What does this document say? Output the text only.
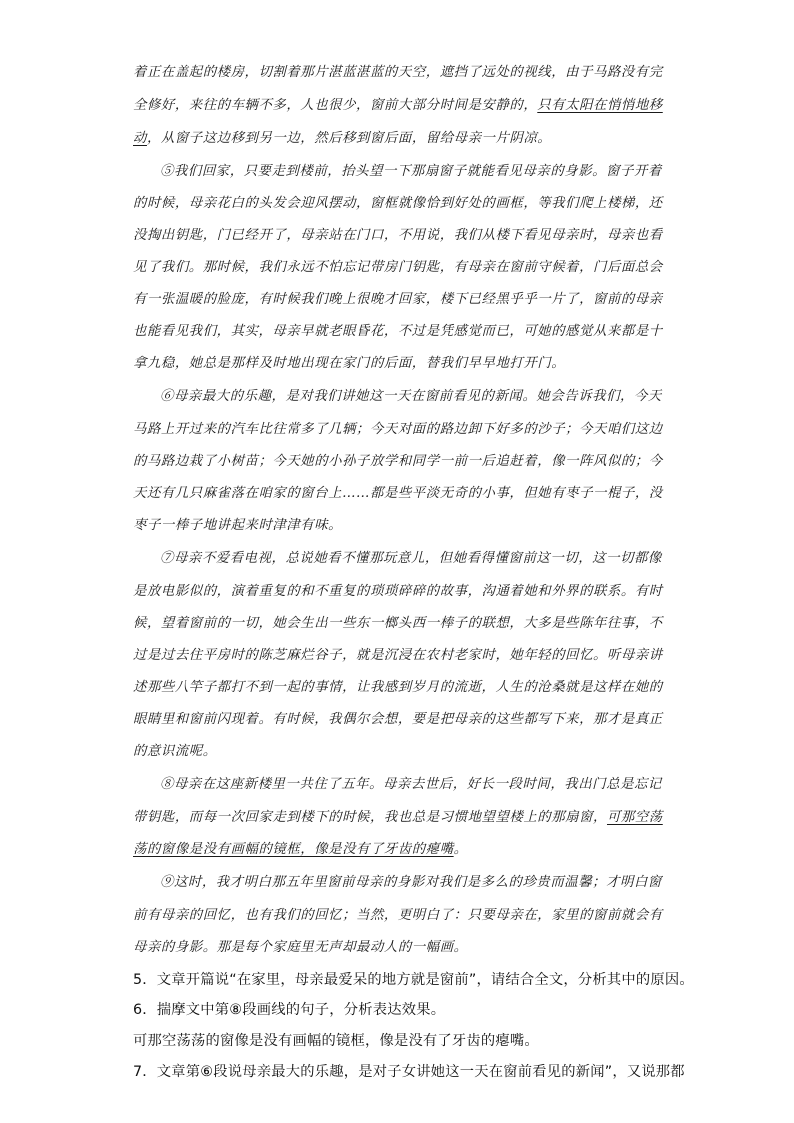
着正在盖起的楼房，切割着那片湛蓝湛蓝的天空，遮挡了远处的视线，由于马路没有完
全修好，来往的车辆不多，人也很少，窗前大部分时间是安静的，只有太阳在悄悄地移
动，从窗子这边移到另一边，然后移到窗后面，留给母亲一片阴凉。
⑤我们回家，只要走到楼前，抬头望一下那扇窗子就能看见母亲的身影。窗子开着
的时候，母亲花白的头发会迎风摆动，窗框就像恰到好处的画框，等我们爬上楼梯，还
没掏出钥匙，门已经开了，母亲站在门口，不用说，我们从楼下看见母亲时，母亲也看
见了我们。那时候，我们永远不怕忘记带房门钥匙，有母亲在窗前守候着，门后面总会
有一张温暖的脸庞，有时候我们晚上很晚才回家，楼下已经黑乎乎一片了，窗前的母亲
也能看见我们，其实，母亲早就老眼昏花，不过是凭感觉而已，可她的感觉从来都是十
拿九稳，她总是那样及时地出现在家门的后面，替我们早早地打开门。
⑥母亲最大的乐趣，是对我们讲她这一天在窗前看见的新闻。她会告诉我们，今天
马路上开过来的汽车比往常多了几辆；今天对面的路边卸下好多的沙子；今天咱们这边
的马路边栽了小树苗；今天她的小孙子放学和同学一前一后追赶着，像一阵风似的；今
天还有几只麻雀落在咱家的窗台上……都是些平淡无奇的小事，但她有枣子一棍子，没
枣子一棒子地讲起来时津津有味。
⑦母亲不爱看电视，总说她看不懂那玩意儿，但她看得懂窗前这一切，这一切都像
是放电影似的，演着重复的和不重复的琐琐碎碎的故事，沟通着她和外界的联系。有时
候，望着窗前的一切，她会生出一些东一榔头西一棒子的联想，大多是些陈年往事，不
过是过去住平房时的陈芝麻烂谷子，就是沉浸在农村老家时，她年轻的回忆。听母亲讲
述那些八竿子都打不到一起的事情，让我感到岁月的流逝，人生的沧桑就是这样在她的
眼睛里和窗前闪现着。有时候，我偶尔会想，要是把母亲的这些都写下来，那才是真正
的意识流呢。
⑧母亲在这座新楼里一共住了五年。母亲去世后，好长一段时间，我出门总是忘记
带钥匙，而每一次回家走到楼下的时候，我也总是习惯地望望楼上的那扇窗，可那空荡
荡的窗像是没有画幅的镜框，像是没有了牙齿的瘪嘴。
⑨这时，我才明白那五年里窗前母亲的身影对我们是多么的珍贵而温馨；才明白窗
前有母亲的回忆，也有我们的回忆；当然，更明白了：只要母亲在，家里的窗前就会有
母亲的身影。那是每个家庭里无声却最动人的一幅画。
5．文章开篇说“在家里，母亲最爱呆的地方就是窗前”，请结合全文，分析其中的原因。
6．揣摩文中第⑧段画线的句子，分析表达效果。
可那空荡荡的窗像是没有画幅的镜框，像是没有了牙齿的瘪嘴。
7．文章第⑥段说母亲最大的乐趣，是对子女讲她这一天在窗前看见的新闻”，又说那都
